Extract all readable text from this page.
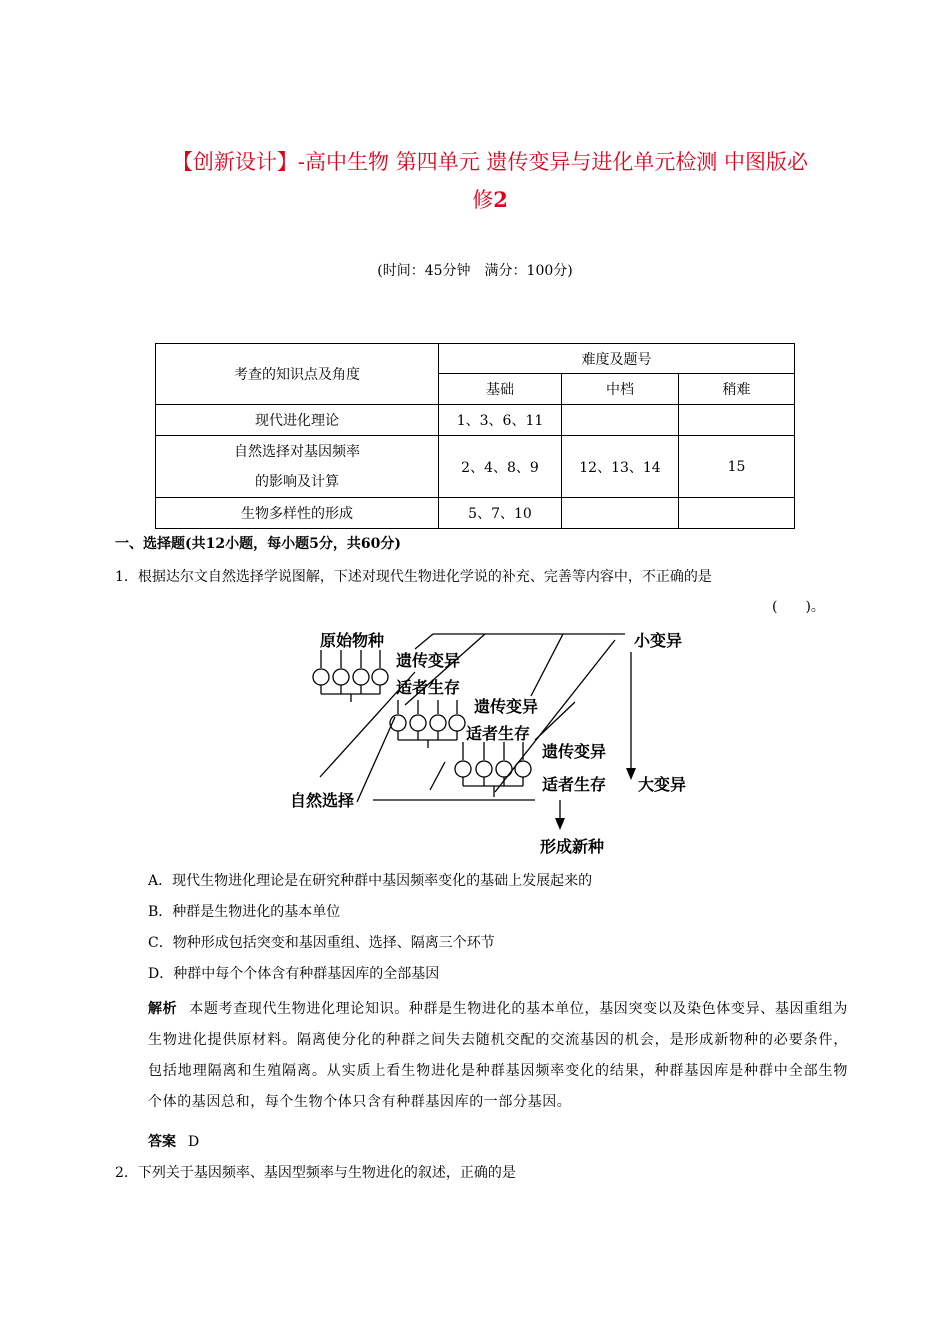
【创新设计】-高中生物 第四单元 遗传变异与进化单元检测 中图版必
修2
(时间：45分钟　满分：100分)
考查的知识点及角度	难度及题号		
	基础	中档	稍难
现代进化理论	1、3、6、11		

自然选择对基因频率
的影响及计算	2、4、8、9	12、13、14	15
生物多样性的形成	5、7、10		
一、选择题(共12小题，每小题5分，共60分)
1．根据达尔文自然选择学说图解，下述对现代生物进化学说的补充、完善等内容中，不正确的是
(　　)。
原始物种
遗传变异
适者生存
遗传变异
适者生存
遗传变异
适者生存
自然选择
小变异
大变异
形成新种
A．现代生物进化理论是在研究种群中基因频率变化的基础上发展起来的
B．种群是生物进化的基本单位
C．物种形成包括突变和基因重组、选择、隔离三个环节
D．种群中每个个体含有种群基因库的全部基因
解析 本题考查现代生物进化理论知识。种群是生物进化的基本单位，基因突变以及染色体变异、基因重组为生物进化提供原材料。隔离使分化的种群之间失去随机交配的交流基因的机会，是形成新物种的必要条件，包括地理隔离和生殖隔离。从实质上看生物进化是种群基因频率变化的结果，种群基因库是种群中全部生物个体的基因总和，每个生物个体只含有种群基因库的一部分基因。
答案 D
2．下列关于基因频率、基因型频率与生物进化的叙述，正确的是
